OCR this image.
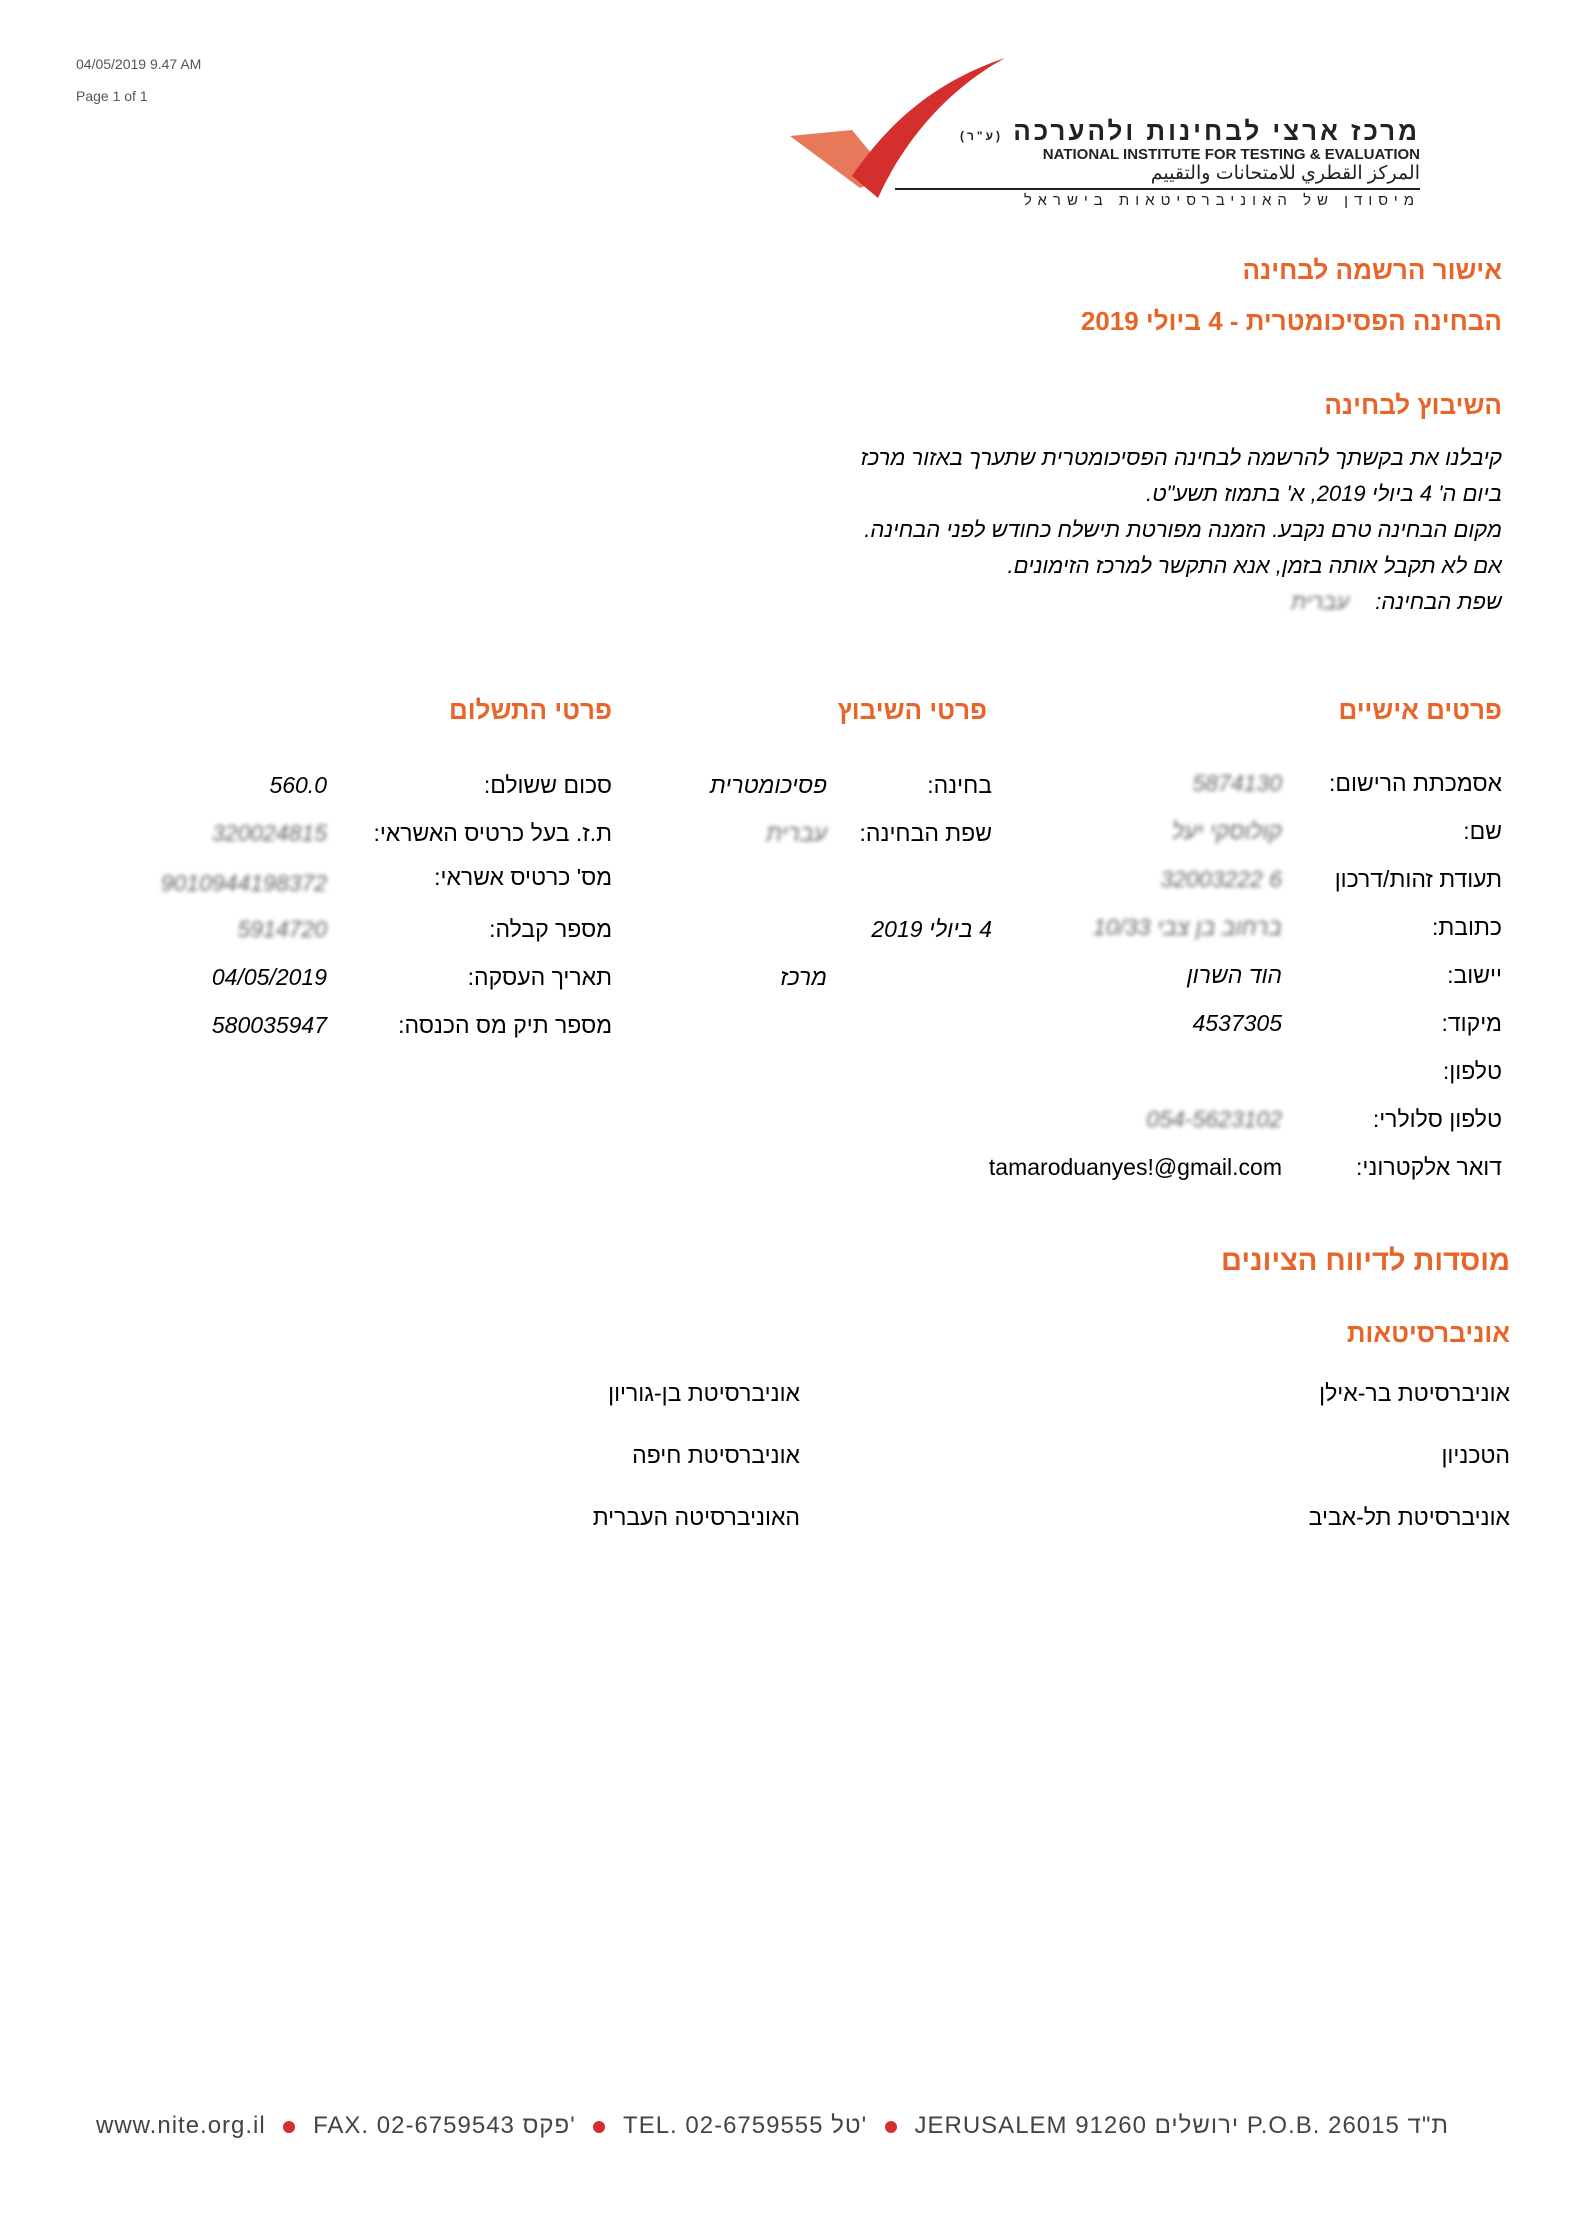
04/05/2019 9.47 AM
Page 1 of 1
מרכז ארצי לבחינות ולהערכה (ע"ר)
NATIONAL INSTITUTE FOR TESTING & EVALUATION
المركز القطري للامتحانات والتقييم
מיסודן של האוניברסיטאות בישראל
אישור הרשמה לבחינה
הבחינה הפסיכומטרית - 4 ביולי 2019
השיבוץ לבחינה
קיבלנו את בקשתך להרשמה לבחינה הפסיכומטרית שתערך באזור מרכז
ביום ה' 4 ביולי 2019, א' בתמוז תשע"ט.
מקום הבחינה טרם נקבע. הזמנה מפורטת תישלח כחודש לפני הבחינה.
אם לא תקבל אותה בזמן, אנא התקשר למרכז הזימונים.
שפת הבחינה: עברית
פרטים אישיים
פרטי השיבוץ
פרטי התשלום
אסמכתת הרישום:
5874130
שם:
קולוסקי יעל
תעודת זהות/דרכון
6 32003222
כתובת:
ברחוב בן צבי 10/33
יישוב:
הוד השרון
מיקוד:
4537305
טלפון:
טלפון סלולרי:
054-5623102
דואר אלקטרוני:
tamaroduanyes!@gmail.com
בחינה:
פסיכומטרית
שפת הבחינה:
עברית
4 ביולי 2019
מרכז
סכום ששולם:
560.0
ת.ז. בעל כרטיס האשראי:
320024815
מס' כרטיס אשראי:
9010944198372
מספר קבלה:
5914720
תאריך העסקה:
04/05/2019
מספר תיק מס הכנסה:
580035947
מוסדות לדיווח הציונים
אוניברסיטאות
אוניברסיטת בר-אילן
הטכניון
אוניברסיטת תל-אביב
אוניברסיטת בן-גוריון
אוניברסיטת חיפה
האוניברסיטה העברית
www.nite.org.il FAX. 02-6759543 פקס' TEL. 02-6759555 טל' JERUSALEM 91260 ירושלים P.O.B. 26015 ת"ד
